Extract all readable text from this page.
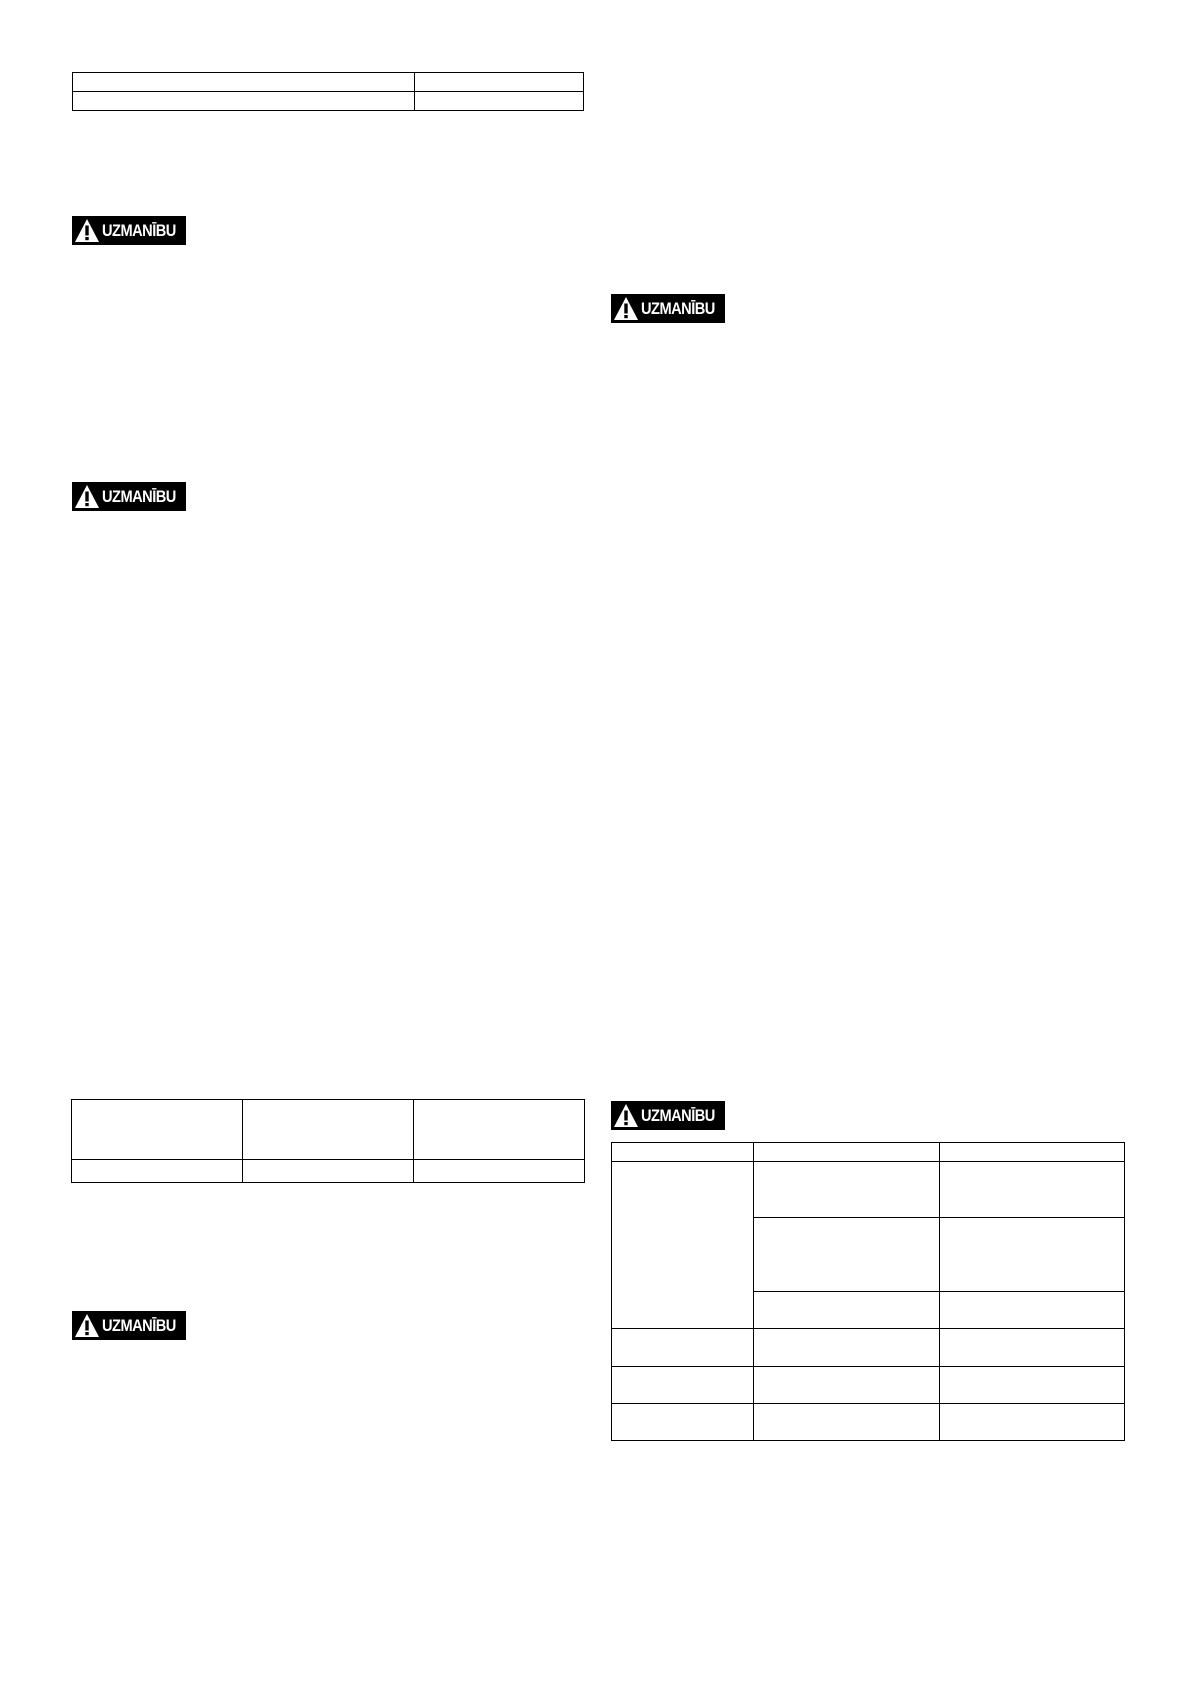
UZMANĪBU
UZMANĪBU
UZMANĪBU
UZMANĪBU
UZMANĪBU
